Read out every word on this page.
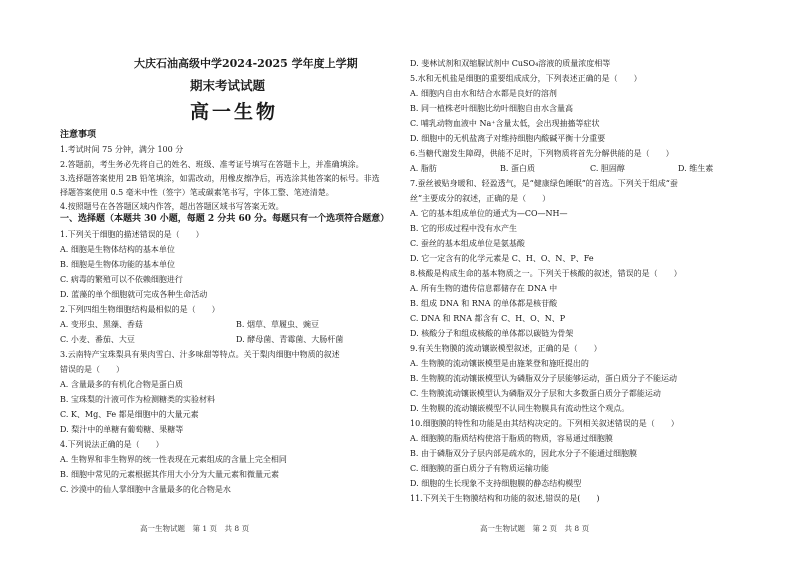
大庆石油高级中学2024-2025 学年度上学期
期末考试试题
高一生物
注意事项
1.考试时间 75 分钟，满分 100 分
2.答题前，考生务必先将自己的姓名、班级、准考证号填写在答题卡上，并准确填涂。
3.选择题答案使用 2B 铅笔填涂，如需改动，用橡皮擦净后，再选涂其他答案的标号。非选
择题答案使用 0.5 毫米中性（签字）笔或碳素笔书写，字体工整、笔迹清楚。
4.按照题号在各答题区域内作答，超出答题区域书写答案无效。
一、选择题（本题共 30 小题，每题 2 分共 60 分。每题只有一个选项符合题意）
1.下列关于细胞的描述错误的是（　　）
A. 细胞是生物体结构的基本单位
B. 细胞是生物体功能的基本单位
C. 病毒的繁殖可以不依赖细胞进行
D. 蓝藻的单个细胞就可完成各种生命活动
2.下列四组生物细胞结构最相似的是（　　）
A. 变形虫、黑藻、香菇	B. 烟草、草履虫、豌豆
C. 小麦、番茄、大豆	D. 酵母菌、青霉菌、大肠杆菌
3.云南特产宝珠梨具有果肉雪白、汁多味甜等特点。关于梨肉细胞中物质的叙述
错误的是（　　）
A. 含量最多的有机化合物是蛋白质
B. 宝珠梨的汁液可作为检测糖类的实验材料
C. K、Mg、Fe 都是细胞中的大量元素
D. 梨汁中的单糖有葡萄糖、果糖等
4.下列说法正确的是（　　）
A. 生物界和非生物界的统一性表现在元素组成的含量上完全相同
B. 细胞中常见的元素根据其作用大小分为大量元素和微量元素
C. 沙漠中的仙人掌细胞中含量最多的化合物是水
高一生物试题　第 1 页　共 8 页
D. 斐林试剂和双缩脲试剂中 CuSO₄溶液的质量浓度相等
5.水和无机盐是细胞的重要组成成分，下列表述正确的是（　　）
A. 细胞内自由水和结合水都是良好的溶剂
B. 同一植株老叶细胞比幼叶细胞自由水含量高
C. 哺乳动物血液中 Na⁺含量太低，会出现抽搐等症状
D. 细胞中的无机盐离子对维持细胞内酸碱平衡十分重要
6.当糖代谢发生障碍，供能不足时，下列物质将首先分解供能的是（　　）
A. 脂肪	B. 蛋白质	C. 胆固醇	D. 维生素
7.蚕丝被贴身暖和、轻盈透气，是“健康绿色睡眠”的首选。下列关于组成“蚕
丝”主要成分的叙述，正确的是（　　）
A. 它的基本组成单位的通式为—CO—NH—
B. 它的形成过程中没有水产生
C. 蚕丝的基本组成单位是氨基酸
D. 它一定含有的化学元素是 C、H、O、N、P、Fe
8.核酸是构成生命的基本物质之一。下列关于核酸的叙述，错误的是（　　）
A. 所有生物的遗传信息都储存在 DNA 中
B. 组成 DNA 和 RNA 的单体都是核苷酸
C. DNA 和 RNA 都含有 C、H、O、N、P
D. 核酸分子和组成核酸的单体都以碳链为骨架
9.有关生物膜的流动镶嵌模型叙述，正确的是（　　）
A. 生物膜的流动镶嵌模型是由施莱登和施旺提出的
B. 生物膜的流动镶嵌模型认为磷脂双分子层能够运动，蛋白质分子不能运动
C. 生物膜流动镶嵌模型认为磷脂双分子层和大多数蛋白质分子都能运动
D. 生物膜的流动镶嵌模型不认同生物膜具有流动性这个观点。
10.细胞膜的特性和功能是由其结构决定的。下列相关叙述错误的是（　　）
A. 细胞膜的脂质结构使溶于脂质的物质，容易通过细胞膜
B. 由于磷脂双分子层内部是疏水的，因此水分子不能通过细胞膜
C. 细胞膜的蛋白质分子有物质运输功能
D. 细胞的生长现象不支持细胞膜的静态结构模型
11.下列关于生物膜结构和功能的叙述,错误的是(　　)
高一生物试题　第 2 页　共 8 页
